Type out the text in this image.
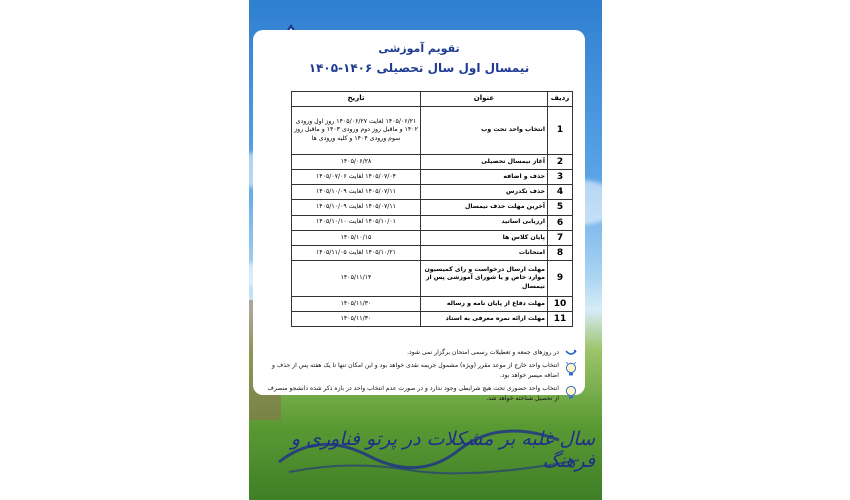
تقویم آموزشی
نیمسال اول سال تحصیلی ۱۴۰۶-۱۴۰۵
ردیف	عنوان	تاریخ
1	انتخاب واحد تحت وب	۱۴۰۵/۰۶/۲۱ لغایت ۱۴۰۵/۰۶/۲۷ روز اول ورودی ۱۴۰۲ و ماقبل روز دوم ورودی ۱۴۰۳ و ماقبل روز سوم ورودی ۱۴۰۴ و کلیه ورودی ها
2	آغاز نیمسال تحصیلی	۱۴۰۵/۰۶/۲۸
3	حذف و اضافه	۱۴۰۵/۰۷/۰۴ لغایت ۱۴۰۵/۰۷/۰۶
4	حذف تکدرس	۱۴۰۵/۰۷/۱۱ لغایت ۱۴۰۵/۱۰/۰۹
5	آخرین مهلت حذف نیمسال	۱۴۰۵/۰۷/۱۱ لغایت ۱۴۰۵/۱۰/۰۹
6	ارزیابی اساتید	۱۴۰۵/۱۰/۰۱ لغایت ۱۴۰۵/۱۰/۱۰
7	پایان کلاس ها	۱۴۰۵/۱۰/۱۵
8	امتحانات	۱۴۰۵/۱۰/۲۱ لغایت ۱۴۰۵/۱۱/۰۵
9	مهلت ارسال درخواست و رای کمیسیون موارد خاص و یا شورای آموزشی پس از نیمسال	۱۴۰۵/۱۱/۱۴
10	مهلت دفاع از پایان نامه و رساله	۱۴۰۵/۱۱/۳۰
11	مهلت ارائه نمره معرفی به استاد	۱۴۰۵/۱۱/۳۰
در روزهای جمعه و تعطیلات رسمی امتحان برگزار نمی شود.
انتخاب واحد خارج از موعد مقرر (ویژه) مشمول جریمه نقدی خواهد بود و این امکان تنها تا یک هفته پس از حذف و اضافه میسر خواهد بود.
انتخاب واحد حضوری تحت هیچ شرایطی وجود ندارد و در صورت عدم انتخاب واحد در بازه ذکر شده دانشجو منصرف از تحصیل شناخته خواهد شد.
سال غلبه بر مشکلات در پرتو فناوری و فرهنگ
